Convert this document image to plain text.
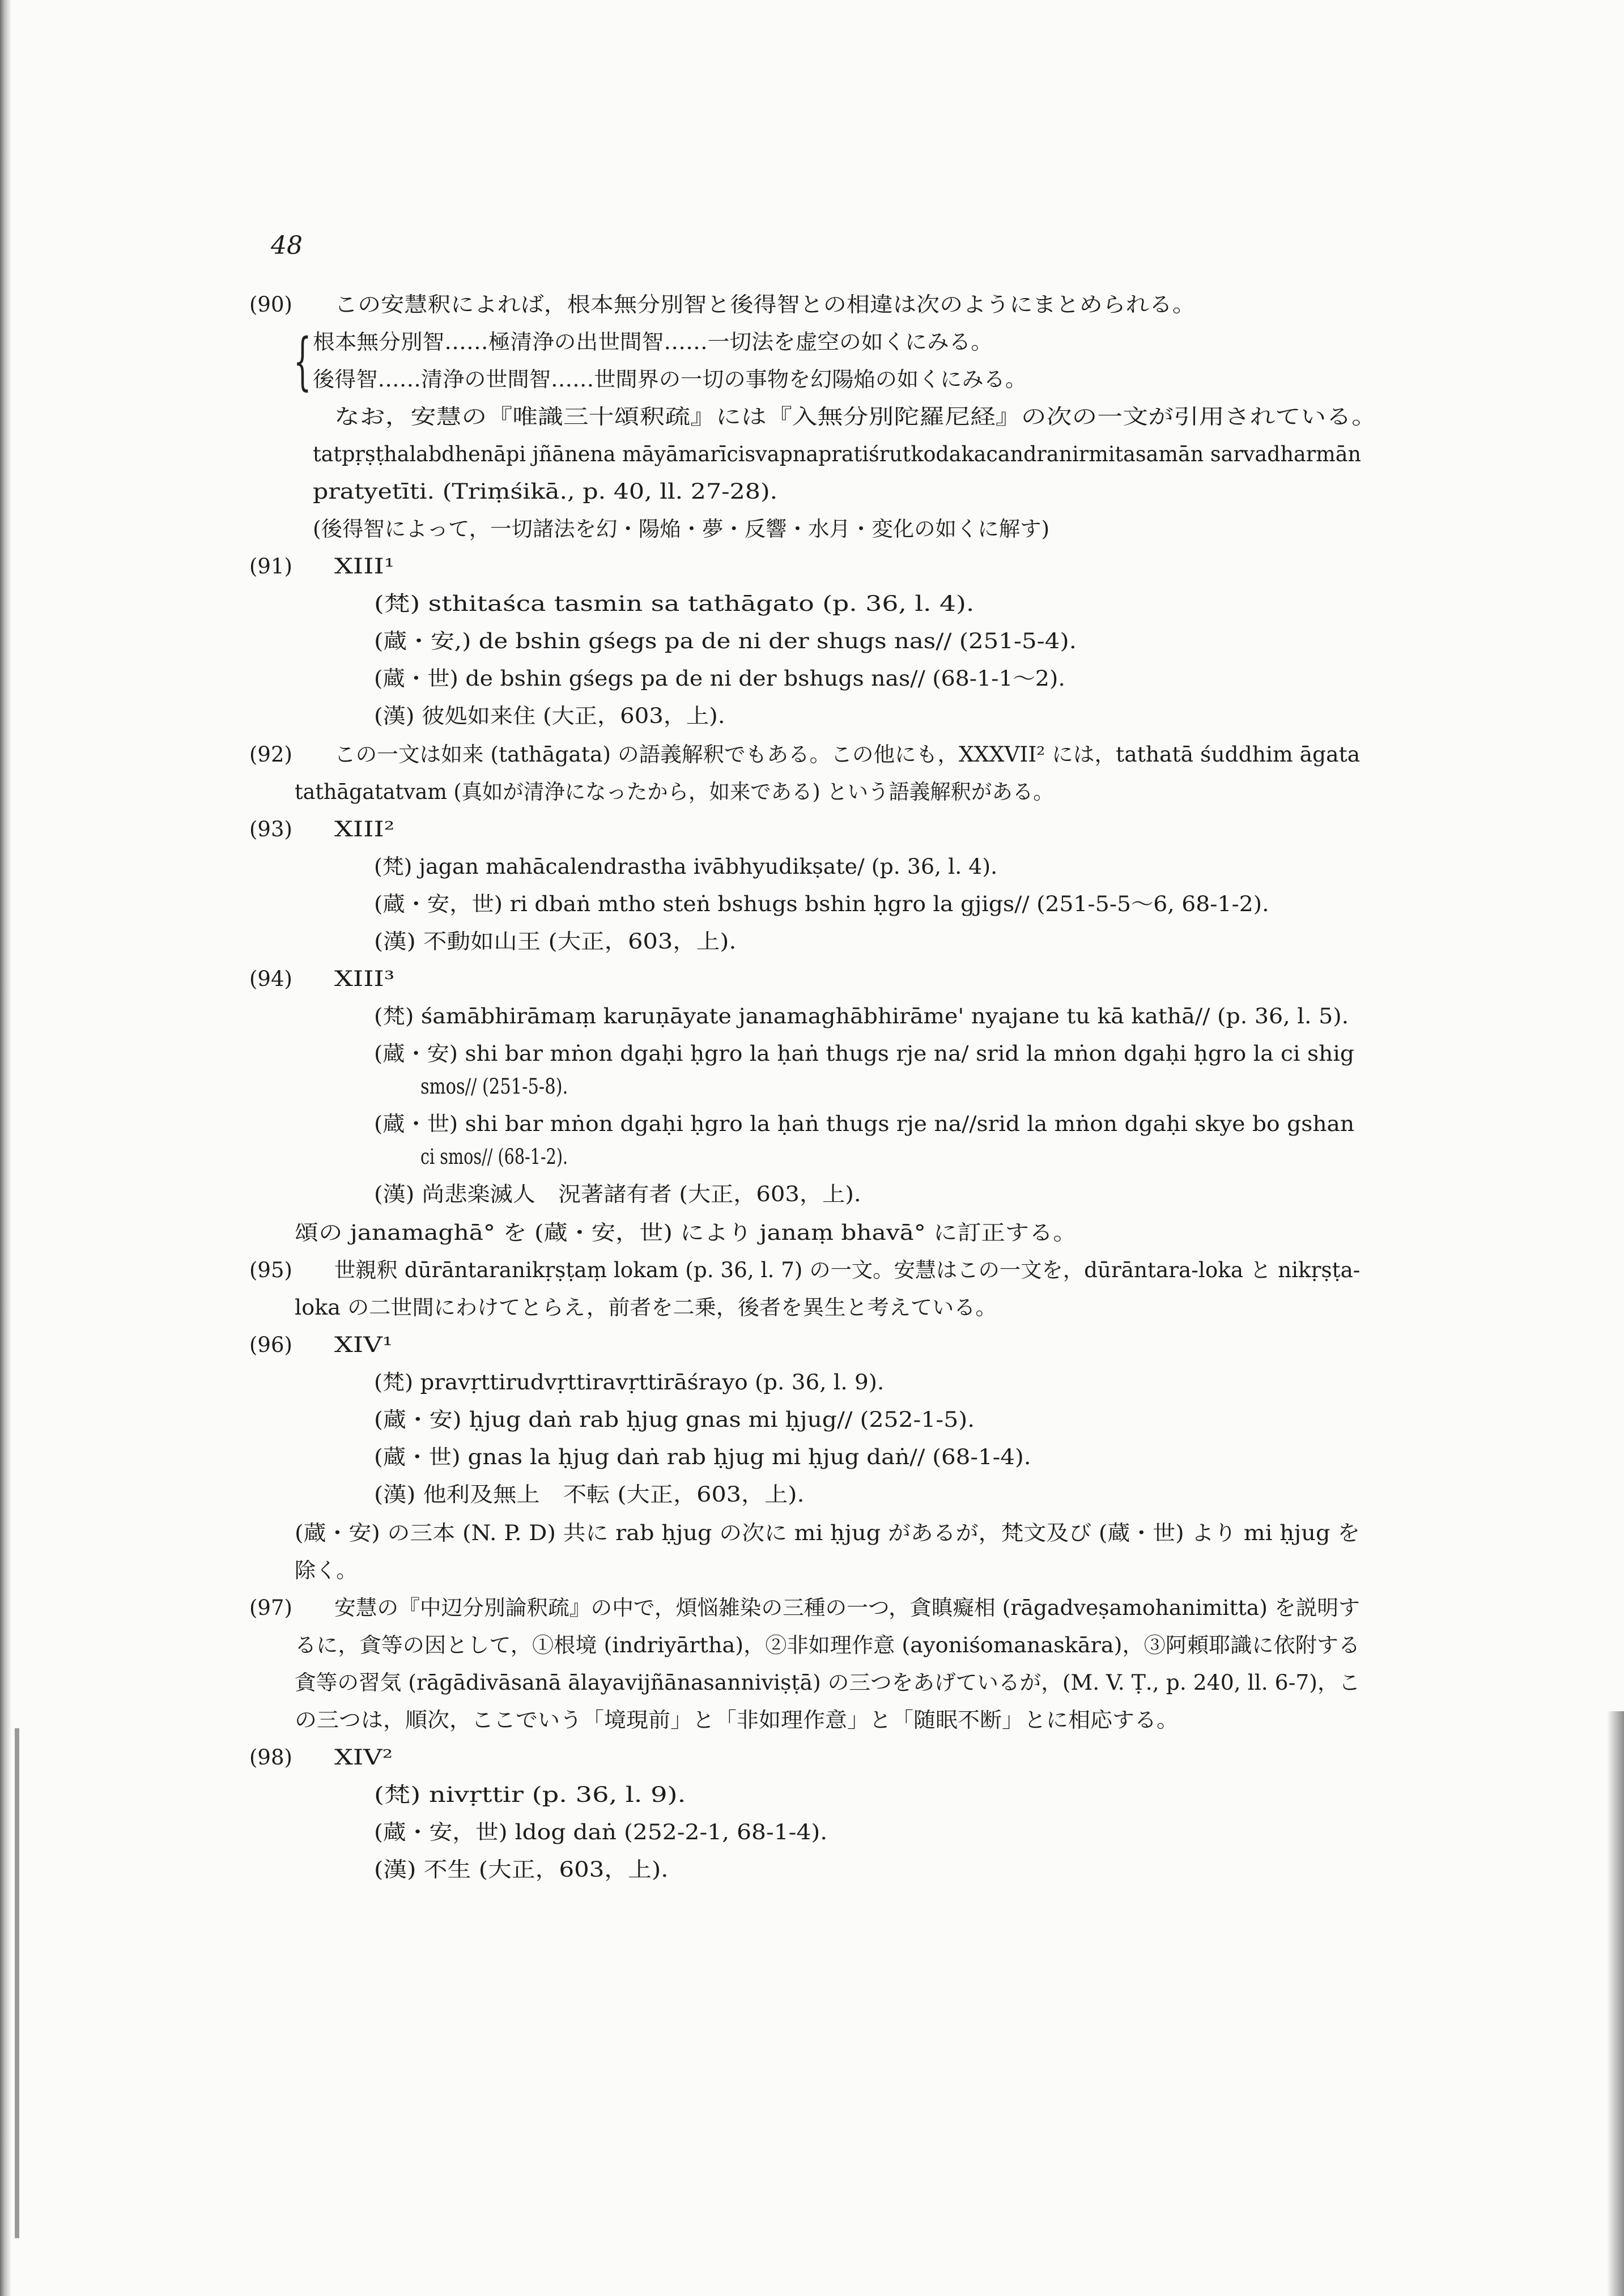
48
(90) この安慧釈によれば，根本無分別智と後得智との相違は次のようにまとめられる。
根本無分別智……極清浄の出世間智……一切法を虚空の如くにみる。
後得智……清浄の世間智……世間界の一切の事物を幻陽焔の如くにみる。
なお，安慧の『唯識三十頌釈疏』には『入無分別陀羅尼経』の次の一文が引用されている。
tatpṛṣṭhalabdhenāpi jñānena māyāmarīcisvapnapratiśrutkodakacandranirmitasamān sarvadharmān
pratyetīti. (Triṃśikā., p. 40, ll. 27-28).
(後得智によって，一切諸法を幻・陽焔・夢・反響・水月・変化の如くに解す)
(91) XIII¹
(梵) sthitaśca tasmin sa tathāgato (p. 36, l. 4).
(蔵・安,) de bshin gśegs pa de ni der shugs nas// (251-5-4).
(蔵・世) de bshin gśegs pa de ni der bshugs nas// (68-1-1〜2).
(漢) 彼処如来住 (大正，603，上).
(92) この一文は如来 (tathāgata) の語義解釈でもある。この他にも，XXXVII² には，tathatā śuddhim āgata
tathāgatatvam (真如が清浄になったから，如来である) という語義解釈がある。
(93) XIII²
(梵) jagan mahācalendrastha ivābhyudikṣate/ (p. 36, l. 4).
(蔵・安，世) ri dbaṅ mtho steṅ bshugs bshin ḥgro la gjigs// (251-5-5〜6, 68-1-2).
(漢) 不動如山王 (大正，603，上).
(94) XIII³
(梵) śamābhirāmaṃ karuṇāyate janamaghābhirāme' nyajane tu kā kathā// (p. 36, l. 5).
(蔵・安) shi bar mṅon dgaḥi ḥgro la ḥaṅ thugs rje na/ srid la mṅon dgaḥi ḥgro la ci shig
smos// (251-5-8).
(蔵・世) shi bar mṅon dgaḥi ḥgro la ḥaṅ thugs rje na//srid la mṅon dgaḥi skye bo gshan
ci smos// (68-1-2).
(漢) 尚悲楽滅人　況著諸有者 (大正，603，上).
頌の janamaghā° を (蔵・安，世) により janaṃ bhavā° に訂正する。
(95) 世親釈 dūrāntaranikṛṣṭaṃ lokam (p. 36, l. 7) の一文。安慧はこの一文を，dūrāntara-loka と nikṛṣṭa-
loka の二世間にわけてとらえ，前者を二乗，後者を異生と考えている。
(96) XIV¹
(梵) pravṛttirudvṛttiravṛttirāśrayo (p. 36, l. 9).
(蔵・安) ḥjug daṅ rab ḥjug gnas mi ḥjug// (252-1-5).
(蔵・世) gnas la ḥjug daṅ rab ḥjug mi ḥjug daṅ// (68-1-4).
(漢) 他利及無上　不転 (大正，603，上).
(蔵・安) の三本 (N. P. D) 共に rab ḥjug の次に mi ḥjug があるが，梵文及び (蔵・世) より mi ḥjug を
除く。
(97) 安慧の『中辺分別論釈疏』の中で，煩悩雑染の三種の一つ，貪瞋癡相 (rāgadveṣamohanimitta) を説明す
るに，貪等の因として，①根境 (indriyārtha)，②非如理作意 (ayoniśomanaskāra)，③阿頼耶識に依附する
貪等の習気 (rāgādivāsanā ālayavijñānasanniviṣṭā) の三つをあげているが，(M. V. Ṭ., p. 240, ll. 6-7)，こ
の三つは，順次，ここでいう「境現前」と「非如理作意」と「随眠不断」とに相応する。
(98) XIV²
(梵) nivṛttir (p. 36, l. 9).
(蔵・安，世) ldog daṅ (252-2-1, 68-1-4).
(漢) 不生 (大正，603，上).
{
